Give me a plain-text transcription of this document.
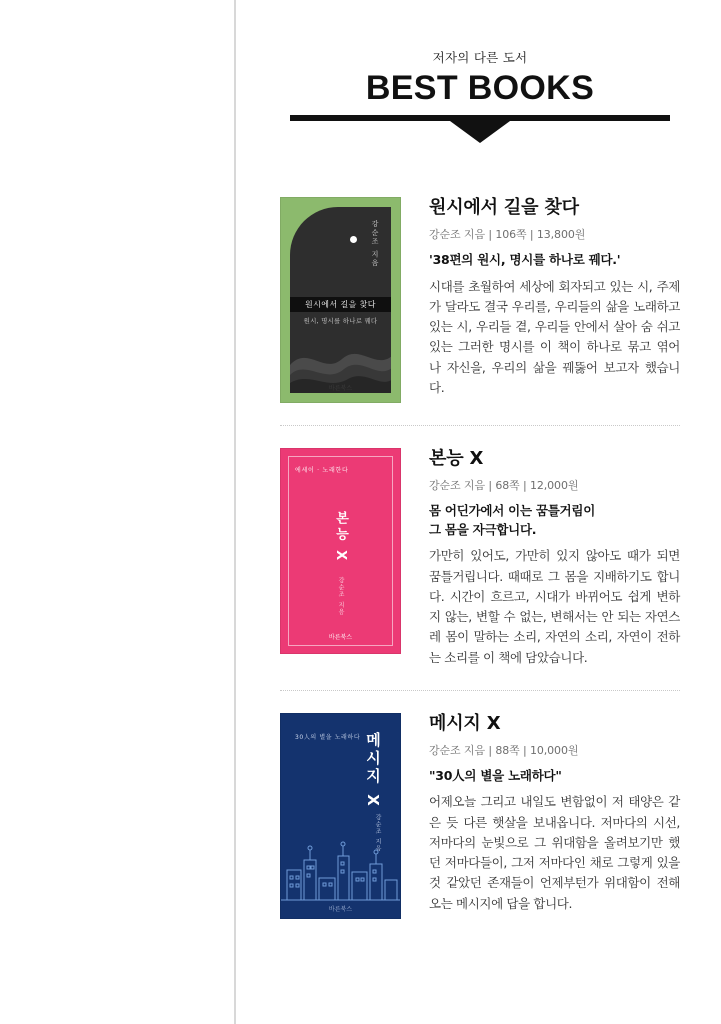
저자의 다른 도서
BEST BOOKS
강순조 지음
원시에서 길을 찾다
원시, 명시를 하나로 꿰다
바른북스
원시에서 길을 찾다
강순조 지음 | 106쪽 | 13,800원
'38편의 원시, 명시를 하나로 꿰다.'

시대를 초월하여 세상에 회자되고 있는 시, 주제가 달라도 결국 우리를, 우리들의 삶을 노래하고 있는 시, 우리들 곁, 우리들 안에서 살아 숨 쉬고 있는 그러한 명시를 이 책이 하나로 묶고 엮어 나 자신을, 우리의 삶을 꿰뚫어 보고자 했습니다.

에세이 · 노래한다
본능 X
강순조 지음
바른북스
본능 X
강순조 지음 | 68쪽 | 12,000원
몸 어딘가에서 이는 꿈틀거림이
그 몸을 자극합니다.

가만히 있어도, 가만히 있지 않아도 때가 되면 꿈틀거립니다. 때때로 그 몸을 지배하기도 합니다. 시간이 흐르고, 시대가 바뀌어도 쉽게 변하지 않는, 변할 수 없는, 변해서는 안 되는 자연스레 몸이 말하는 소리, 자연의 소리, 자연이 전하는 소리를 이 책에 담았습니다.

30人의 별을 노래하다 메시지 X
강순조 지음
바른북스
메시지 X
강순조 지음 | 88쪽 | 10,000원
"30人의 별을 노래하다"

어제오늘 그리고 내일도 변함없이 저 태양은 같은 듯 다른 햇살을 보내옵니다. 저마다의 시선, 저마다의 눈빛으로 그 위대함을 올려보기만 했던 저마다들이, 그저 저마다인 채로 그렇게 있을 것 같았던 존재들이 언제부턴가 위대함이 전해오는 메시지에 답을 합니다.
